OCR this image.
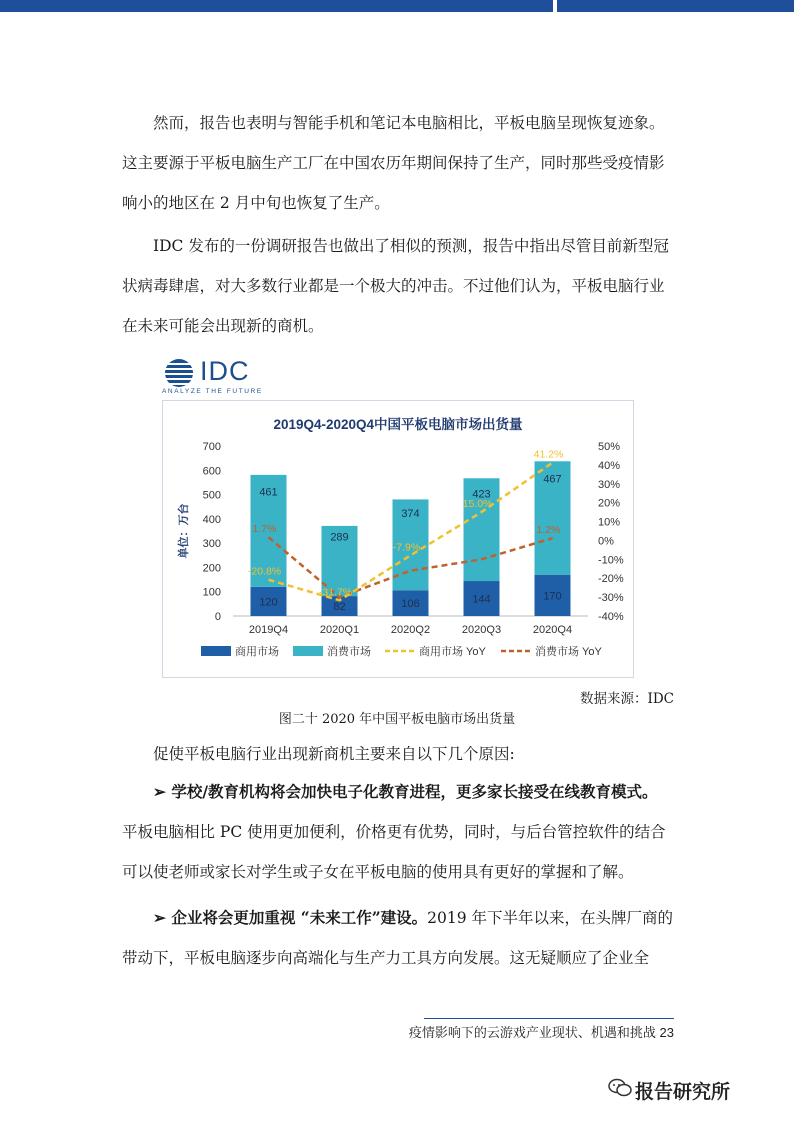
然而，报告也表明与智能手机和笔记本电脑相比，平板电脑呈现恢复迹象。这主要源于平板电脑生产工厂在中国农历年期间保持了生产，同时那些受疫情影响小的地区在 2 月中旬也恢复了生产。

IDC 发布的一份调研报告也做出了相似的预测，报告中指出尽管目前新型冠状病毒肆虐，对大多数行业都是一个极大的冲击。不过他们认为，平板电脑行业在未来可能会出现新的商机。

IDC
ANALYZE THE FUTURE
2019Q4-2020Q4中国平板电脑市场出货量
单位：万台
700
600
500
400
300
200
100
0
50%
40%
30%
20%
10%
0%
-10%
-20%
-30%
-40%
120
461
2019Q4
82
289
2020Q1
106
374
2020Q2
144
423
2020Q3
170
467
2020Q4
1.7%	1.2%
-20.8%
-31.7%
-7.9%
15.0%
41.2%
商用市场	消费市场	商用市场 YoY	消费市场 YoY
数据来源：IDC
图二十 2020 年中国平板电脑市场出货量

促使平板电脑行业出现新商机主要来自以下几个原因:

➢ 学校/教育机构将会加快电子化教育进程，更多家长接受在线教育模式。
平板电脑相比 PC 使用更加便利，价格更有优势，同时，与后台管控软件的结合可以使老师或家长对学生或子女在平板电脑的使用具有更好的掌握和了解。

➢ 企业将会更加重视 “未来工作”建设。2019 年下半年以来，在头牌厂商的带动下，平板电脑逐步向高端化与生产力工具方向发展。这无疑顺应了企业全

疫情影响下的云游戏产业现状、机遇和挑战 23
报告研究所
